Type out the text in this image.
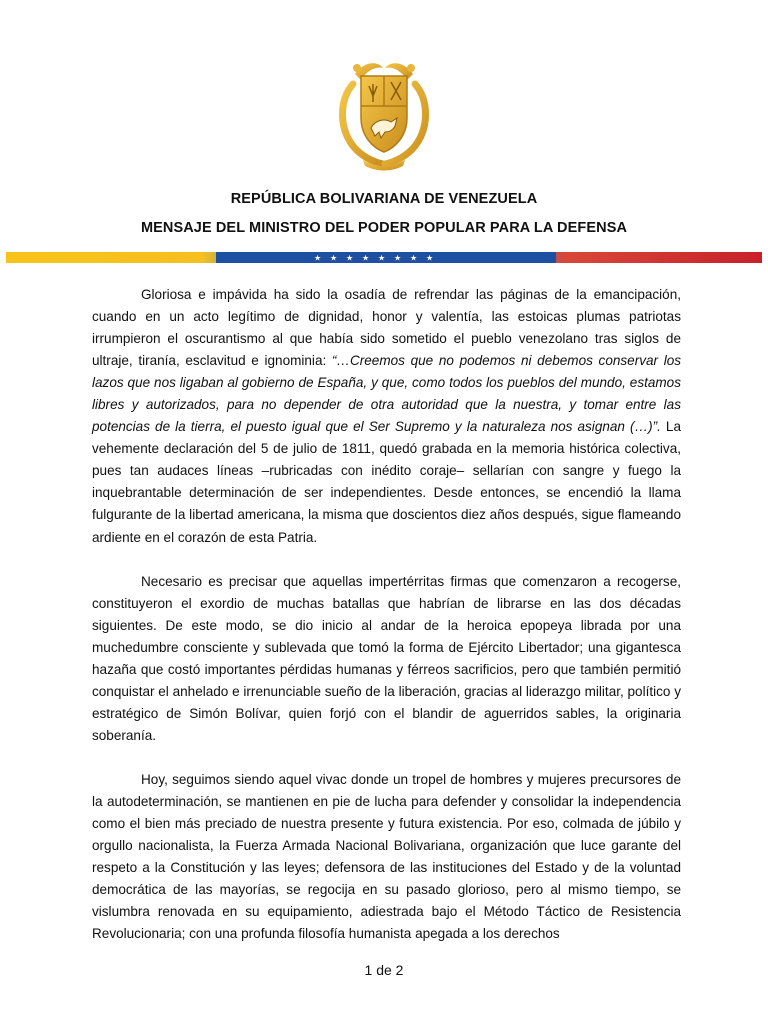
REPÚBLICA BOLIVARIANA DE VENEZUELA
MENSAJE DEL MINISTRO DEL PODER POPULAR PARA LA DEFENSA
★ ★ ★ ★ ★ ★ ★ ★

Gloriosa e impávida ha sido la osadía de refrendar las páginas de la emancipación, cuando en un acto legítimo de dignidad, honor y valentía, las estoicas plumas patriotas irrumpieron el oscurantismo al que había sido sometido el pueblo venezolano tras siglos de ultraje, tiranía, esclavitud e ignominia: “…Creemos que no podemos ni debemos conservar los lazos que nos ligaban al gobierno de España, y que, como todos los pueblos del mundo, estamos libres y autorizados, para no depender de otra autoridad que la nuestra, y tomar entre las potencias de la tierra, el puesto igual que el Ser Supremo y la naturaleza nos asignan (…)”. La vehemente declaración del 5 de julio de 1811, quedó grabada en la memoria histórica colectiva, pues tan audaces líneas –rubricadas con inédito coraje– sellarían con sangre y fuego la inquebrantable determinación de ser independientes. Desde entonces, se encendió la llama fulgurante de la libertad americana, la misma que doscientos diez años después, sigue flameando ardiente en el corazón de esta Patria.

Necesario es precisar que aquellas impertérritas firmas que comenzaron a recogerse, constituyeron el exordio de muchas batallas que habrían de librarse en las dos décadas siguientes. De este modo, se dio inicio al andar de la heroica epopeya librada por una muchedumbre consciente y sublevada que tomó la forma de Ejército Libertador; una gigantesca hazaña que costó importantes pérdidas humanas y férreos sacrificios, pero que también permitió conquistar el anhelado e irrenunciable sueño de la liberación, gracias al liderazgo militar, político y estratégico de Simón Bolívar, quien forjó con el blandir de aguerridos sables, la originaria soberanía.

Hoy, seguimos siendo aquel vivac donde un tropel de hombres y mujeres precursores de la autodeterminación, se mantienen en pie de lucha para defender y consolidar la independencia como el bien más preciado de nuestra presente y futura existencia. Por eso, colmada de júbilo y orgullo nacionalista, la Fuerza Armada Nacional Bolivariana, organización que luce garante del respeto a la Constitución y las leyes; defensora de las instituciones del Estado y de la voluntad democrática de las mayorías, se regocija en su pasado glorioso, pero al mismo tiempo, se vislumbra renovada en su equipamiento, adiestrada bajo el Método Táctico de Resistencia Revolucionaria; con una profunda filosofía humanista apegada a los derechos

1 de 2
